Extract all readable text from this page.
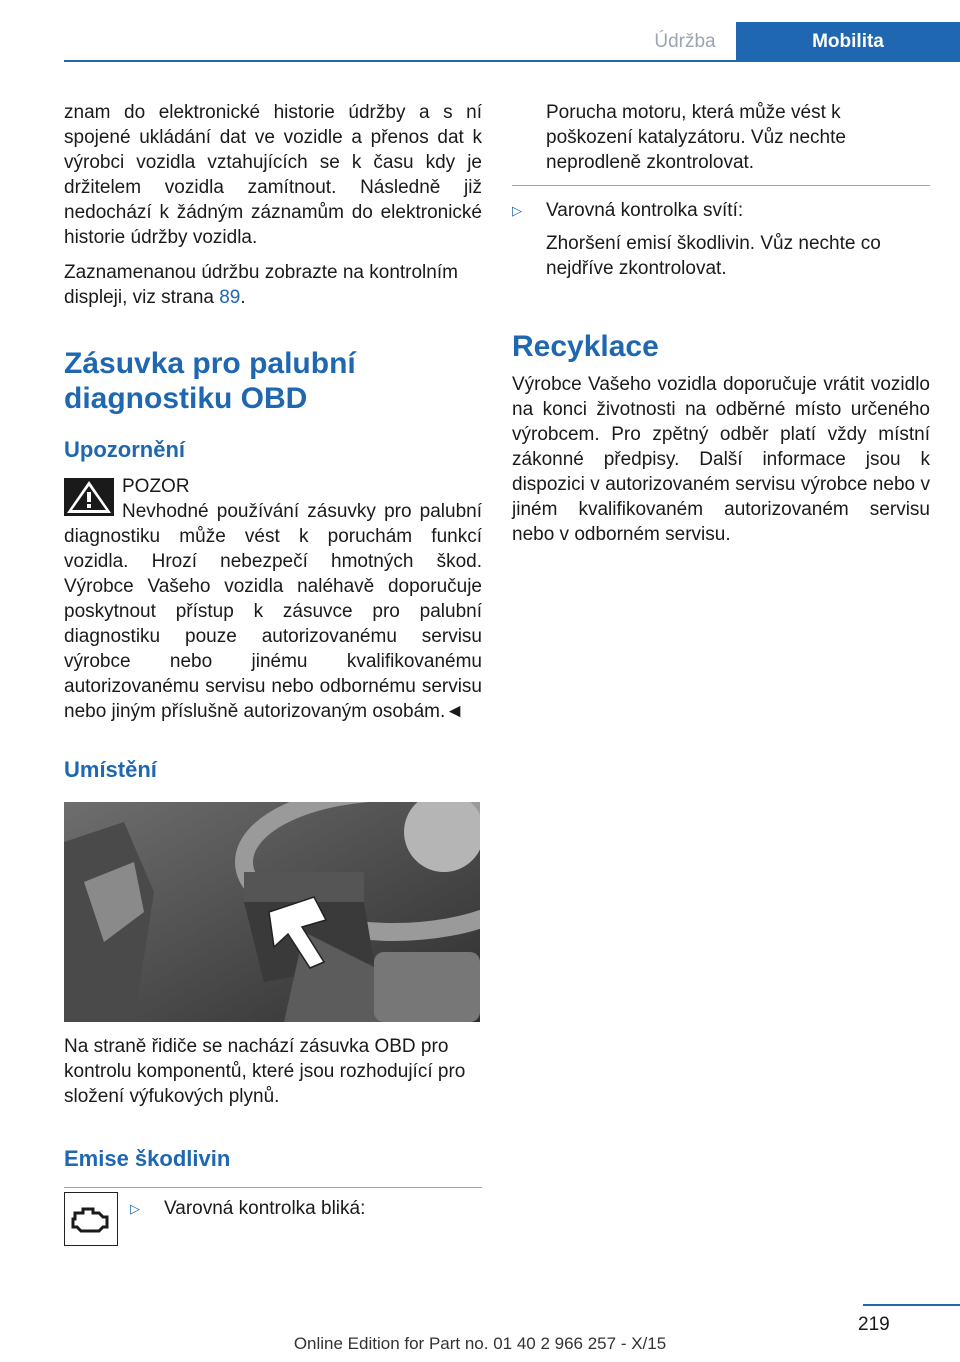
Údržba	Mobilita

znam do elektronické historie údržby a s ní spojené ukládání dat ve vozidle a přenos dat k výrobci vozidla vztahujících se k času kdy je držitelem vozidla zamítnout. Následně již nedochází k žádným záznamům do elektronické historie údržby vozidla.

Zaznamenanou údržbu zobrazte na kontrolním displeji, viz strana 89.

Zásuvka pro palubní diagnostiku OBD
Upozornění
POZOR
Nevhodné používání zásuvky pro palubní diagnostiku může vést k poruchám funkcí vozidla. Hrozí nebezpečí hmotných škod. Výrobce Vašeho vozidla naléhavě doporučuje poskytnout přístup k zásuvce pro palubní diagnostiku pouze autorizovanému servisu výrobce nebo jinému kvalifikovanému autorizovanému servisu nebo odbornému servisu nebo jiným příslušně autorizovaným osobám.◄
Umístění

Na straně řidiče se nachází zásuvka OBD pro kontrolu komponentů, které jsou rozhodující pro složení výfukových plynů.

Emise škodlivin
▷ Varovná kontrolka bliká:

Porucha motoru, která může vést k poškození katalyzátoru. Vůz nechte neprodleně zkontrolovat.

▷ Varovná kontrolka svítí:

Zhoršení emisí škodlivin. Vůz nechte co nejdříve zkontrolovat.

Recyklace

Výrobce Vašeho vozidla doporučuje vrátit vozidlo na konci životnosti na odběrné místo určeného výrobcem. Pro zpětný odběr platí vždy místní zákonné předpisy. Další informace jsou k dispozici v autorizovaném servisu výrobce nebo v jiném kvalifikovaném autorizovaném servisu nebo v odborném servisu.

219
Online Edition for Part no. 01 40 2 966 257 - X/15
